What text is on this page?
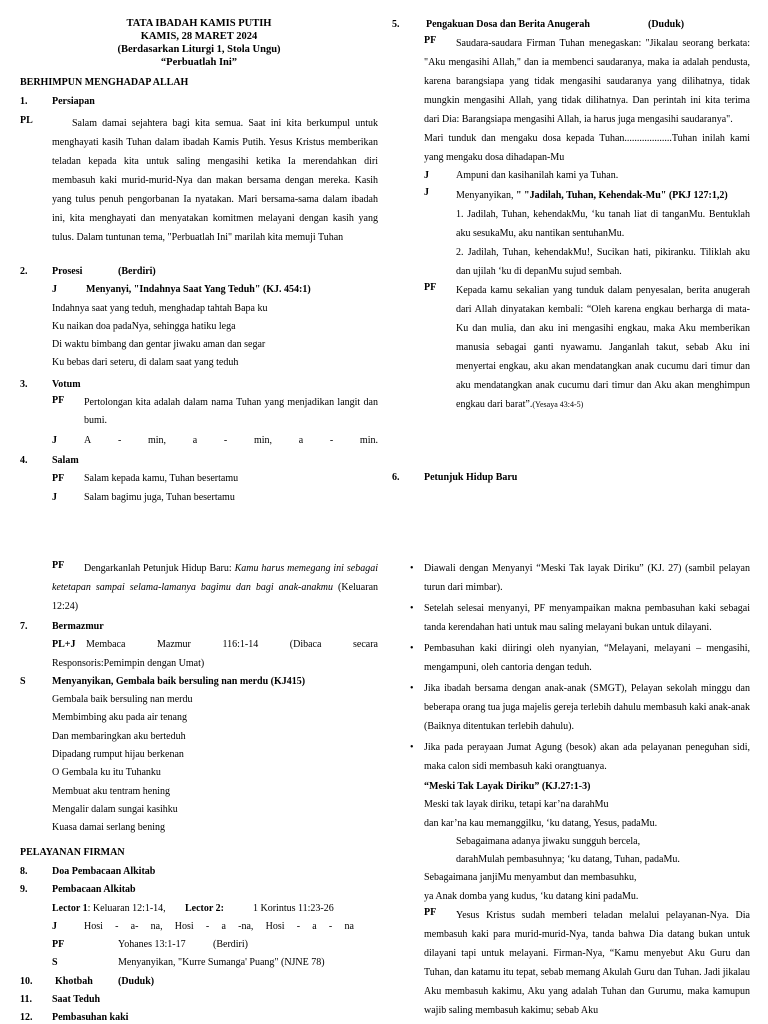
TATA IBADAH KAMIS PUTIH
KAMIS, 28 MARET 2024
(Berdasarkan Liturgi 1, Stola Ungu)
“Perbuatlah Ini”
BERHIMPUN MENGHADAP ALLAH
1. Persiapan
PL	Salam damai sejahtera bagi kita semua. Saat ini kita berkumpul untuk menghayati kasih Tuhan dalam ibadah Kamis Putih. Yesus Kristus memberikan teladan kepada kita untuk saling mengasihi ketika Ia merendahkan diri membasuh kaki murid-murid-Nya dan makan bersama dengan mereka. Kasih yang tulus penuh pengorbanan Ia nyatakan. Mari bersama-sama dalam ibadah ini, kita menghayati dan menyatakan komitmen melayani dengan kasih yang tulus. Dalam tuntunan tema, "Perbuatlah Ini" marilah kita memuji Tuhan
2. Prosesi	(Berdiri)
J	Menyanyi, "Indahnya Saat Yang Teduh" (KJ. 454:1)
Indahnya saat yang teduh, menghadap tahtah Bapa ku
Ku naikan doa padaNya, sehingga hatiku lega
Di waktu bimbang dan gentar jiwaku aman dan segar
Ku bebas dari seteru, di dalam saat yang teduh
3. Votum
PF Pertolongan kita adalah dalam nama Tuhan yang menjadikan langit dan bumi.
J	A	-	min,	a	-	min,	a	-	min.
4. Salam
PF Salam kepada kamu, Tuhan besertamu
J	Salam bagimu juga, Tuhan besertamu
5.	Pengakuan Dosa dan Berita Anugerah	(Duduk)
PF	Saudara-saudara Firman Tuhan menegaskan: "Jikalau seorang berkata: "Aku mengasihi Allah," dan ia membenci saudaranya, maka ia adalah pendusta, karena barangsiapa yang tidak mengasihi saudaranya yang dilihatnya, tidak mungkin mengasihi Allah, yang tidak dilihatnya. Dan perintah ini kita terima dari Dia: Barangsiapa mengasihi Allah, ia harus juga mengasihi saudaranya".
Mari tunduk dan mengaku dosa kepada Tuhan...................Tuhan inilah kami yang mengaku dosa dihadapan-Mu
J	Ampuni dan kasihanilah kami ya Tuhan.
J	Menyanyikan, " "Jadilah, Tuhan, Kehendak-Mu" (PKJ 127:1,2)
1. Jadilah, Tuhan, kehendakMu, ‘ku tanah liat di tanganMu. Bentuklah aku sesukaMu, aku nantikan sentuhanMu.
2. Jadilah, Tuhan, kehendakMu!, Sucikan hati, pikiranku. Tiliklah aku dan ujilah ‘ku di depanMu sujud sembah.
PF Kepada kamu sekalian yang tunduk dalam penyesalan, berita anugerah dari Allah dinyatakan kembali: “Oleh karena engkau berharga di mata-Ku dan mulia, dan aku ini mengasihi engkau, maka Aku memberikan manusia sebagai ganti nyawamu. Janganlah takut, sebab Aku ini menyertai engkau, aku akan mendatangkan anak cucumu dari timur dan aku mendatangkan anak cucumu dari timur dan Aku akan menghimpun engkau dari barat”.(Yesaya 43:4-5)
6. Petunjuk Hidup Baru
PF	Dengarkanlah Petunjuk Hidup Baru: Kamu harus memegang ini sebagai ketetapan sampai selama-lamanya bagimu dan bagi anak-anakmu (Keluaran 12:24)
7. Bermazmur
PL+J Membaca	Mazmur	116:1-14	(Dibaca	secara
Responsoris:Pemimpin dengan Umat)
S	Menyanyikan, Gembala baik bersuling nan merdu (KJ415)
Gembala baik bersuling nan merdu
Membimbing aku pada air tenang
Dan membaringkan aku berteduh
Dipadang rumput hijau berkenan
O Gembala ku itu Tuhanku
Membuat aku tentram hening
Mengalir dalam sungai kasihku
Kuasa damai serlang bening
PELAYANAN FIRMAN
8. Doa Pembacaan Alkitab
9. Pembacaan Alkitab
Lector 1: Keluaran 12:1-14, Lector 2:	1 Korintus 11:23-26
J	Hosi - a- na, Hosi - a -na, Hosi - a - na
PF	Yohanes 13:1-17	(Berdiri)
S	Menyanyikan, "Kurre Sumanga' Puang" (NJNE 78)
10. Khotbah	(Duduk)
11. Saat Teduh
12. Pembasuhan kaki
• Diawali dengan Menyanyi “Meski Tak layak Diriku” (KJ. 27) (sambil pelayan turun dari mimbar).
• Setelah selesai menyanyi, PF menyampaikan makna pembasuhan kaki sebagai tanda kerendahan hati untuk mau saling melayani bukan untuk dilayani.
• Pembasuhan kaki diiringi oleh nyanyian, “Melayani, melayani – mengasihi, mengampuni, oleh cantoria dengan teduh.
• Jika ibadah bersama dengan anak-anak (SMGT), Pelayan sekolah minggu dan beberapa orang tua juga majelis gereja terlebih dahulu membasuh kaki anak-anak (Baiknya ditentukan terlebih dahulu).
• Jika pada perayaan Jumat Agung (besok) akan ada pelayanan peneguhan sidi, maka calon sidi membasuh kaki orangtuanya.
“Meski Tak Layak Diriku” (KJ.27:1-3)
Meski tak layak diriku, tetapi kar’na darahMu
dan kar’na kau memanggilku, ‘ku datang, Yesus, padaMu.
Sebagaimana adanya jiwaku sungguh bercela,
darahMulah pembasuhnya; ‘ku datang, Tuhan, padaMu.
Sebagaimana janjiMu menyambut dan membasuhku,
ya Anak domba yang kudus, ‘ku datang kini padaMu.
PF	Yesus Kristus sudah memberi teladan melalui pelayanan-Nya. Dia membasuh kaki para murid-murid-Nya, tanda bahwa Dia datang bukan untuk dilayani tapi untuk melayani. Firman-Nya, “Kamu menyebut Aku Guru dan Tuhan, dan katamu itu tepat, sebab memang Akulah Guru dan Tuhan. Jadi jikalau Aku membasuh kakimu, Aku yang adalah Tuhan dan Gurumu, maka kamupun wajib saling membasuh kakimu; sebab Aku
